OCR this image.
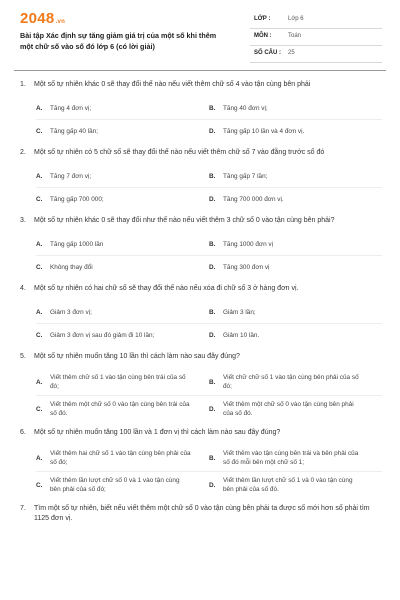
2048.vn
Bài tập Xác định sự tăng giảm giá trị của một số khi thêm một chữ số vào số đó lớp 6 (có lời giải)
LỚP :	Lớp 6
MÔN :	Toán
SỐ CÂU : 25
1.	Một số tự nhiên khác 0 sẽ thay đổi thế nào nếu viết thêm chữ số 4 vào tận cùng bên phải
A.	Tăng 4 đơn vị;	B.	Tăng 40 đơn vị;
C.	Tăng gấp 40 lần;	D.	Tăng gấp 10 lần và 4 đơn vị.
2.	Một số tự nhiên có 5 chữ số sẽ thay đổi thế nào nếu viết thêm chữ số 7 vào đằng trước số đó
A.	Tăng 7 đơn vị;	B.	Tăng gấp 7 lần;
C.	Tăng gấp 700 000;	D.	Tăng 700 000 đơn vị.
3.	Một số tự nhiên khác 0 sẽ thay đổi như thế nào nếu viết thêm 3 chữ số 0 vào tận cùng bên phải?
A.	Tăng gấp 1000 lần	B.	Tăng 1000 đơn vị
C.	Không thay đổi	D.	Tăng 300 đơn vị
4.	Một số tự nhiên có hai chữ số sẽ thay đổi thế nào nếu xóa đi chữ số 3 ở hàng đơn vị.
A.	Giảm 3 đơn vị;	B.	Giảm 3 lần;
C.	Giảm 3 đơn vị sau đó giảm đi 10 lần;	D.	Giảm 10 lần.
5.	Một số tự nhiên muốn tăng 10 lần thì cách làm nào sau đây đúng?
A.
Viết thêm chữ số 1 vào tận cùng bên trái của số đó;
B.
Viết chữ chữ số 1 vào tận cùng bên phải của số đó;
C.
Viết thêm một chữ số 0 vào tận cùng bên trái của số đó.
D.
Viết thêm một chữ số 0 vào tận cùng bên phải của số đó.
6.	Một số tự nhiên muốn tăng 100 lần và 1 đơn vị thì cách làm nào sau đây đúng?
A.
Viết thêm hai chữ số 1 vào tận cùng bên phải của số đó;
B.
Viết thêm vào tận cùng bên trái và bên phải của số đó mỗi bên một chữ số 1;
C.
Viết thêm lần lượt chữ số 0 và 1 vào tận cùng bên phải của số đó;
D.
Viết thêm lần lượt chữ số 1 và 0 vào tận cùng bên phải của số đó.
7.	Tìm một số tự nhiên, biết nếu viết thêm một chữ số 0 vào tận cùng bên phải ta được số mới hơn số phải tìm 1125 đơn vị.
